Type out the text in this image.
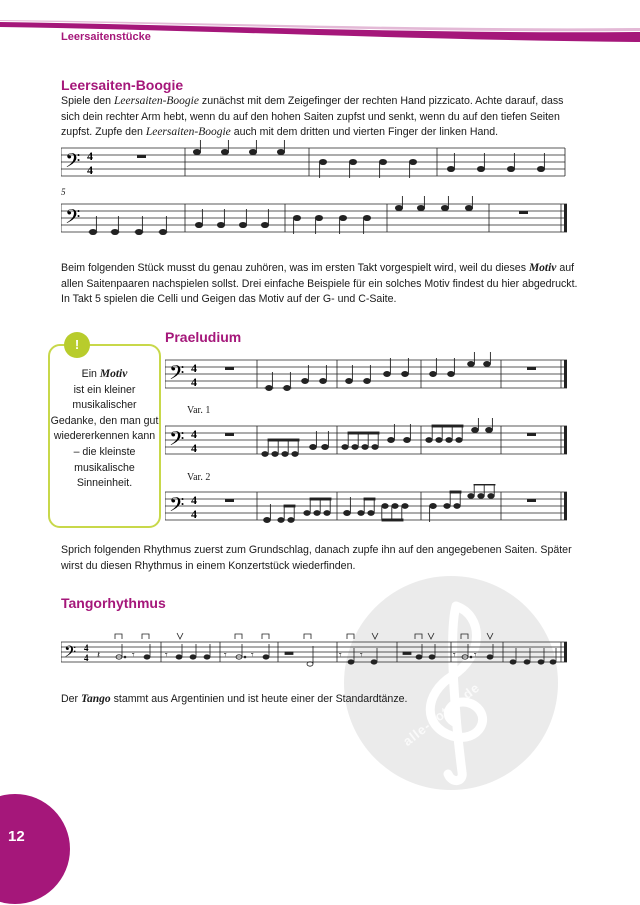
Leersaitenstücke
alle-noten.de
Leersaiten-Boogie
Spiele den Leersaiten-Boogie zunächst mit dem Zeigefinger der rechten Hand pizzicato. Achte darauf, dass sich dein rechter Arm hebt, wenn du auf den hohen Saiten zupfst und senkt, wenn du auf den tiefen Seiten zupfst. Zupfe den Leersaiten-Boogie auch mit dem dritten und vierten Finger der linken Hand.
𝄢 4
4
5
𝄢
Beim folgenden Stück musst du genau zuhören, was im ersten Takt vorgespielt wird, weil du dieses Motiv auf allen Saitenpaaren nachspielen sollst. Drei einfache Beispiele für ein solches Motiv findest du hier abgedruckt. In Takt 5 spielen die Celli und Geigen das Motiv auf der G- und C-Saite.
!
Ein Motiv
ist ein kleiner musikalischer Gedanke, den man gut wiedererkennen kann – die kleinste musikalische Sinneinheit.
Praeludium
𝄢 4
4
Var. 1
𝄢 4
4
Var. 2
𝄢 4
4
Sprich folgenden Rhythmus zuerst zum Grundschlag, danach zupfe ihn auf den angegebenen Saiten. Später wirst du diesen Rhythmus in einem Konzertstück wiederfinden.
Tangorhythmus
𝄢 4
4 𝄽	𝄾	𝄾	𝄾 𝄾	𝄾 𝄾	𝄾 𝄾
Der Tango stammt aus Argentinien und ist heute einer der Standardtänze.
12
